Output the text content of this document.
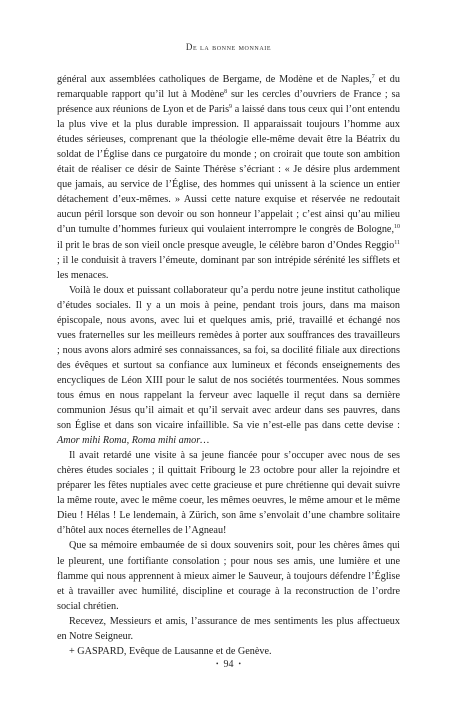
De la bonne monnaie

général aux assemblées catholiques de Bergame, de Modène et de Naples,$^7$ et du remarquable rapport qu’il lut à Modène$^8$ sur les cercles d’ouvriers de France ; sa présence aux réunions de Lyon et de Paris$^9$ a laissé dans tous ceux qui l’ont entendu la plus vive et la plus durable impression. Il apparaissait toujours l’homme aux études sérieuses, comprenant que la théologie elle-même devait être la Béatrix du soldat de l’Église dans ce purgatoire du monde ; on croirait que toute son ambition était de réaliser ce désir de Sainte Thérèse s’écriant : « Je désire plus ardemment que jamais, au service de l’Église, des hommes qui unissent à la science un entier détachement d’eux-mêmes. » Aussi cette nature exquise et réservée ne redoutait aucun péril lorsque son devoir ou son honneur l’appelait ; c’est ainsi qu’au milieu d’un tumulte d’hommes furieux qui voulaient interrompre le congrès de Bologne,$^{10}$ il prit le bras de son vieil oncle presque aveugle, le célèbre baron d’Ondes Reggio$^{11}$ ; il le conduisit à travers l’émeute, dominant par son intrépide sérénité les sifflets et les menaces.

Voilà le doux et puissant collaborateur qu’a perdu notre jeune institut catholique d’études sociales. Il y a un mois à peine, pendant trois jours, dans ma maison épiscopale, nous avons, avec lui et quelques amis, prié, travaillé et échangé nos vues fraternelles sur les meilleurs remèdes à porter aux souffrances des travailleurs ; nous avons alors admiré ses connaissances, sa foi, sa docilité filiale aux directions des évêques et surtout sa confiance aux lumineux et féconds enseignements des encycliques de Léon XIII pour le salut de nos sociétés tourmentées. Nous sommes tous émus en nous rappelant la ferveur avec laquelle il reçut dans sa dernière communion Jésus qu’il aimait et qu’il servait avec ardeur dans ses pauvres, dans son Église et dans son vicaire infaillible. Sa vie n’est-elle pas dans cette devise : Amor mihi Roma, Roma mihi amor…

Il avait retardé une visite à sa jeune fiancée pour s’occuper avec nous de ses chères études sociales ; il quittait Fribourg le 23 octobre pour aller la rejoindre et préparer les fêtes nuptiales avec cette gracieuse et pure chrétienne qui devait suivre la même route, avec le même coeur, les mêmes oeuvres, le même amour et le même Dieu ! Hélas ! Le lendemain, à Zürich, son âme s’envolait d’une chambre solitaire d’hôtel aux noces éternelles de l’Agneau!

Que sa mémoire embaumée de si doux souvenirs soit, pour les chères âmes qui le pleurent, une fortifiante consolation ; pour nous ses amis, une lumière et une flamme qui nous apprennent à mieux aimer le Sauveur, à toujours défendre l’Église et à travailler avec humilité, discipline et courage à la reconstruction de l’ordre social chrétien.

Recevez, Messieurs et amis, l’assurance de mes sentiments les plus affectueux en Notre Seigneur.

+ GASPARD, Evêque de Lausanne et de Genève.

• 94 •
